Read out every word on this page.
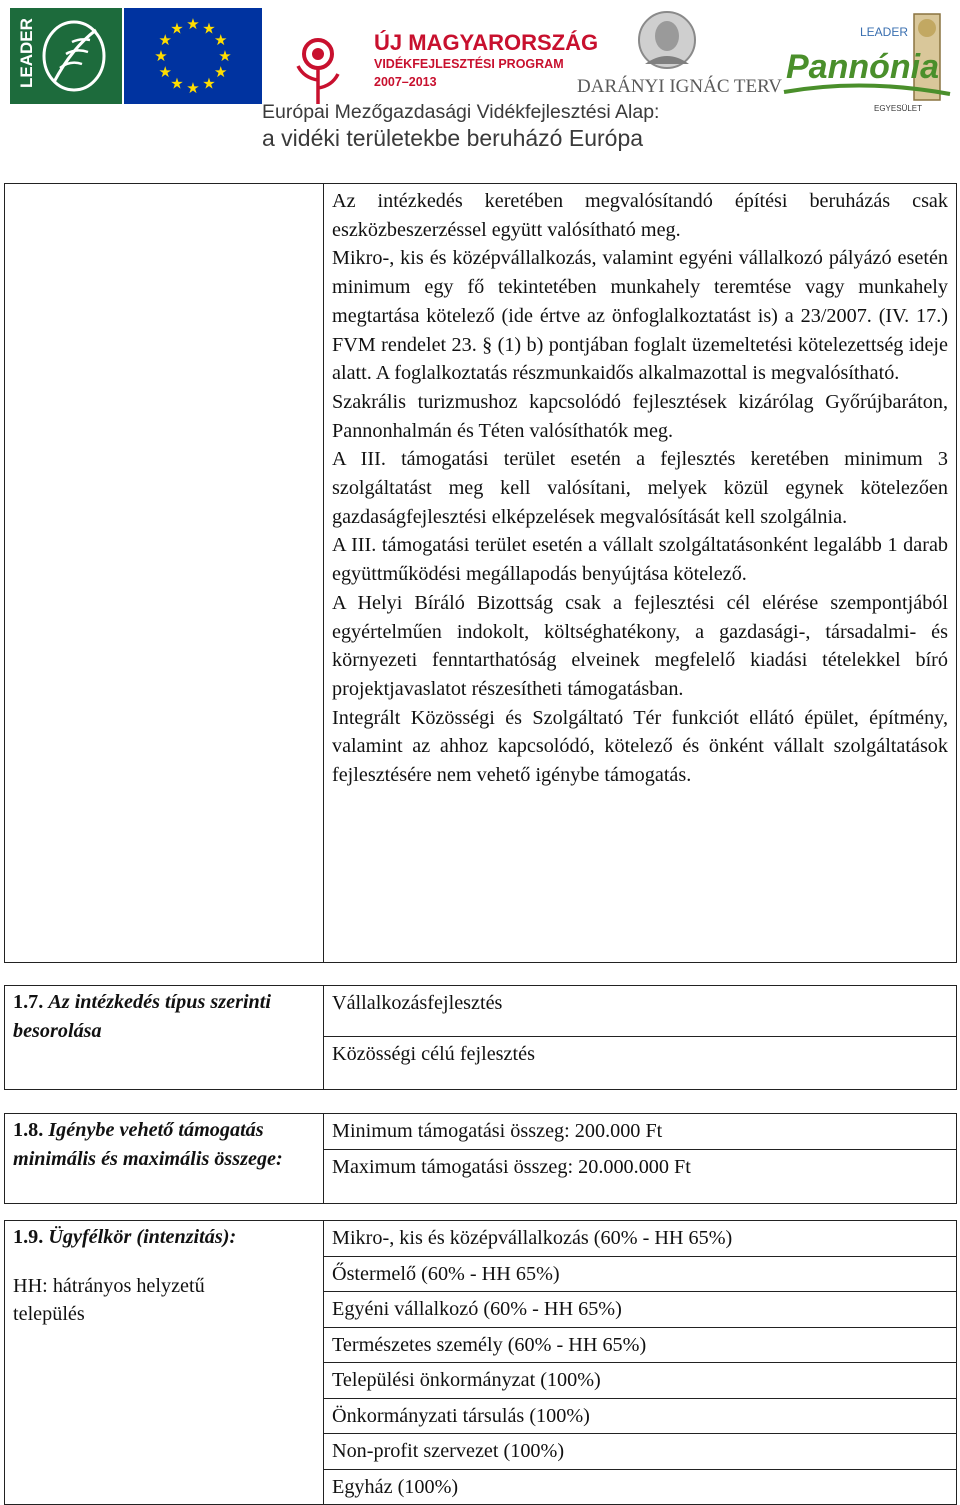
LEADER	★ ★
★
★
★
★
★
★
★
★
★
★
ÚJ MAGYARORSZÁG
VIDÉKFEJLESZTÉSI PROGRAM
2007–2013	DARÁNYI IGNÁC TERV
LEADER
Pannónia
EGYESÜLET
Európai Mezőgazdasági Vidékfejlesztési Alap:
a vidéki területekbe beruházó Európa

Az intézkedés keretében megvalósítandó építési beruházás csak eszközbeszerzéssel együtt valósítható meg.

Mikro-, kis és középvállalkozás, valamint egyéni vállalkozó pályázó esetén minimum egy fő tekintetében munkahely teremtése vagy munkahely megtartása kötelező (ide értve az önfoglalkoztatást is) a 23/2007. (IV. 17.) FVM rendelet 23. § (1) b) pontjában foglalt üzemeltetési kötelezettség ideje alatt. A foglalkoztatás részmunkaidős alkalmazottal is megvalósítható.

Szakrális turizmushoz kapcsolódó fejlesztések kizárólag Győrújbaráton, Pannonhalmán és Téten valósíthatók meg.

A III. támogatási terület esetén a fejlesztés keretében minimum 3 szolgáltatást meg kell valósítani, melyek közül egynek kötelezően gazdaságfejlesztési elképzelések megvalósítását kell szolgálnia.

A III. támogatási terület esetén a vállalt szolgáltatásonként legalább 1 darab együttműködési megállapodás benyújtása kötelező.

A Helyi Bíráló Bizottság csak a fejlesztési cél elérése szempontjából egyértelműen indokolt, költséghatékony, a gazdasági-, társadalmi- és környezeti fenntarthatóság elveinek megfelelő kiadási tételekkel bíró projektjavaslatot részesítheti támogatásban.

Integrált Közösségi és Szolgáltató Tér funkciót ellátó épület, építmény, valamint az ahhoz kapcsolódó, kötelező és önként vállalt szolgáltatások fejlesztésére nem vehető igénybe támogatás.

1.7. Az intézkedés típus szerinti besorolása

Vállalkozásfejlesztés
Közösségi célú fejlesztés
1.8. Igénybe vehető támogatás minimális és maximális összege:

Minimum támogatási összeg: 200.000 Ft
Maximum támogatási összeg: 20.000.000 Ft
1.9. Ügyfélkör (intenzitás):
HH: hátrányos helyzetű település

Mikro-, kis és középvállalkozás (60% - HH 65%)
Őstermelő (60% - HH 65%)
Egyéni vállalkozó (60% - HH 65%)
Természetes személy (60% - HH 65%)
Települési önkormányzat (100%)
Önkormányzati társulás (100%)
Non-profit szervezet (100%)
Egyház (100%)
